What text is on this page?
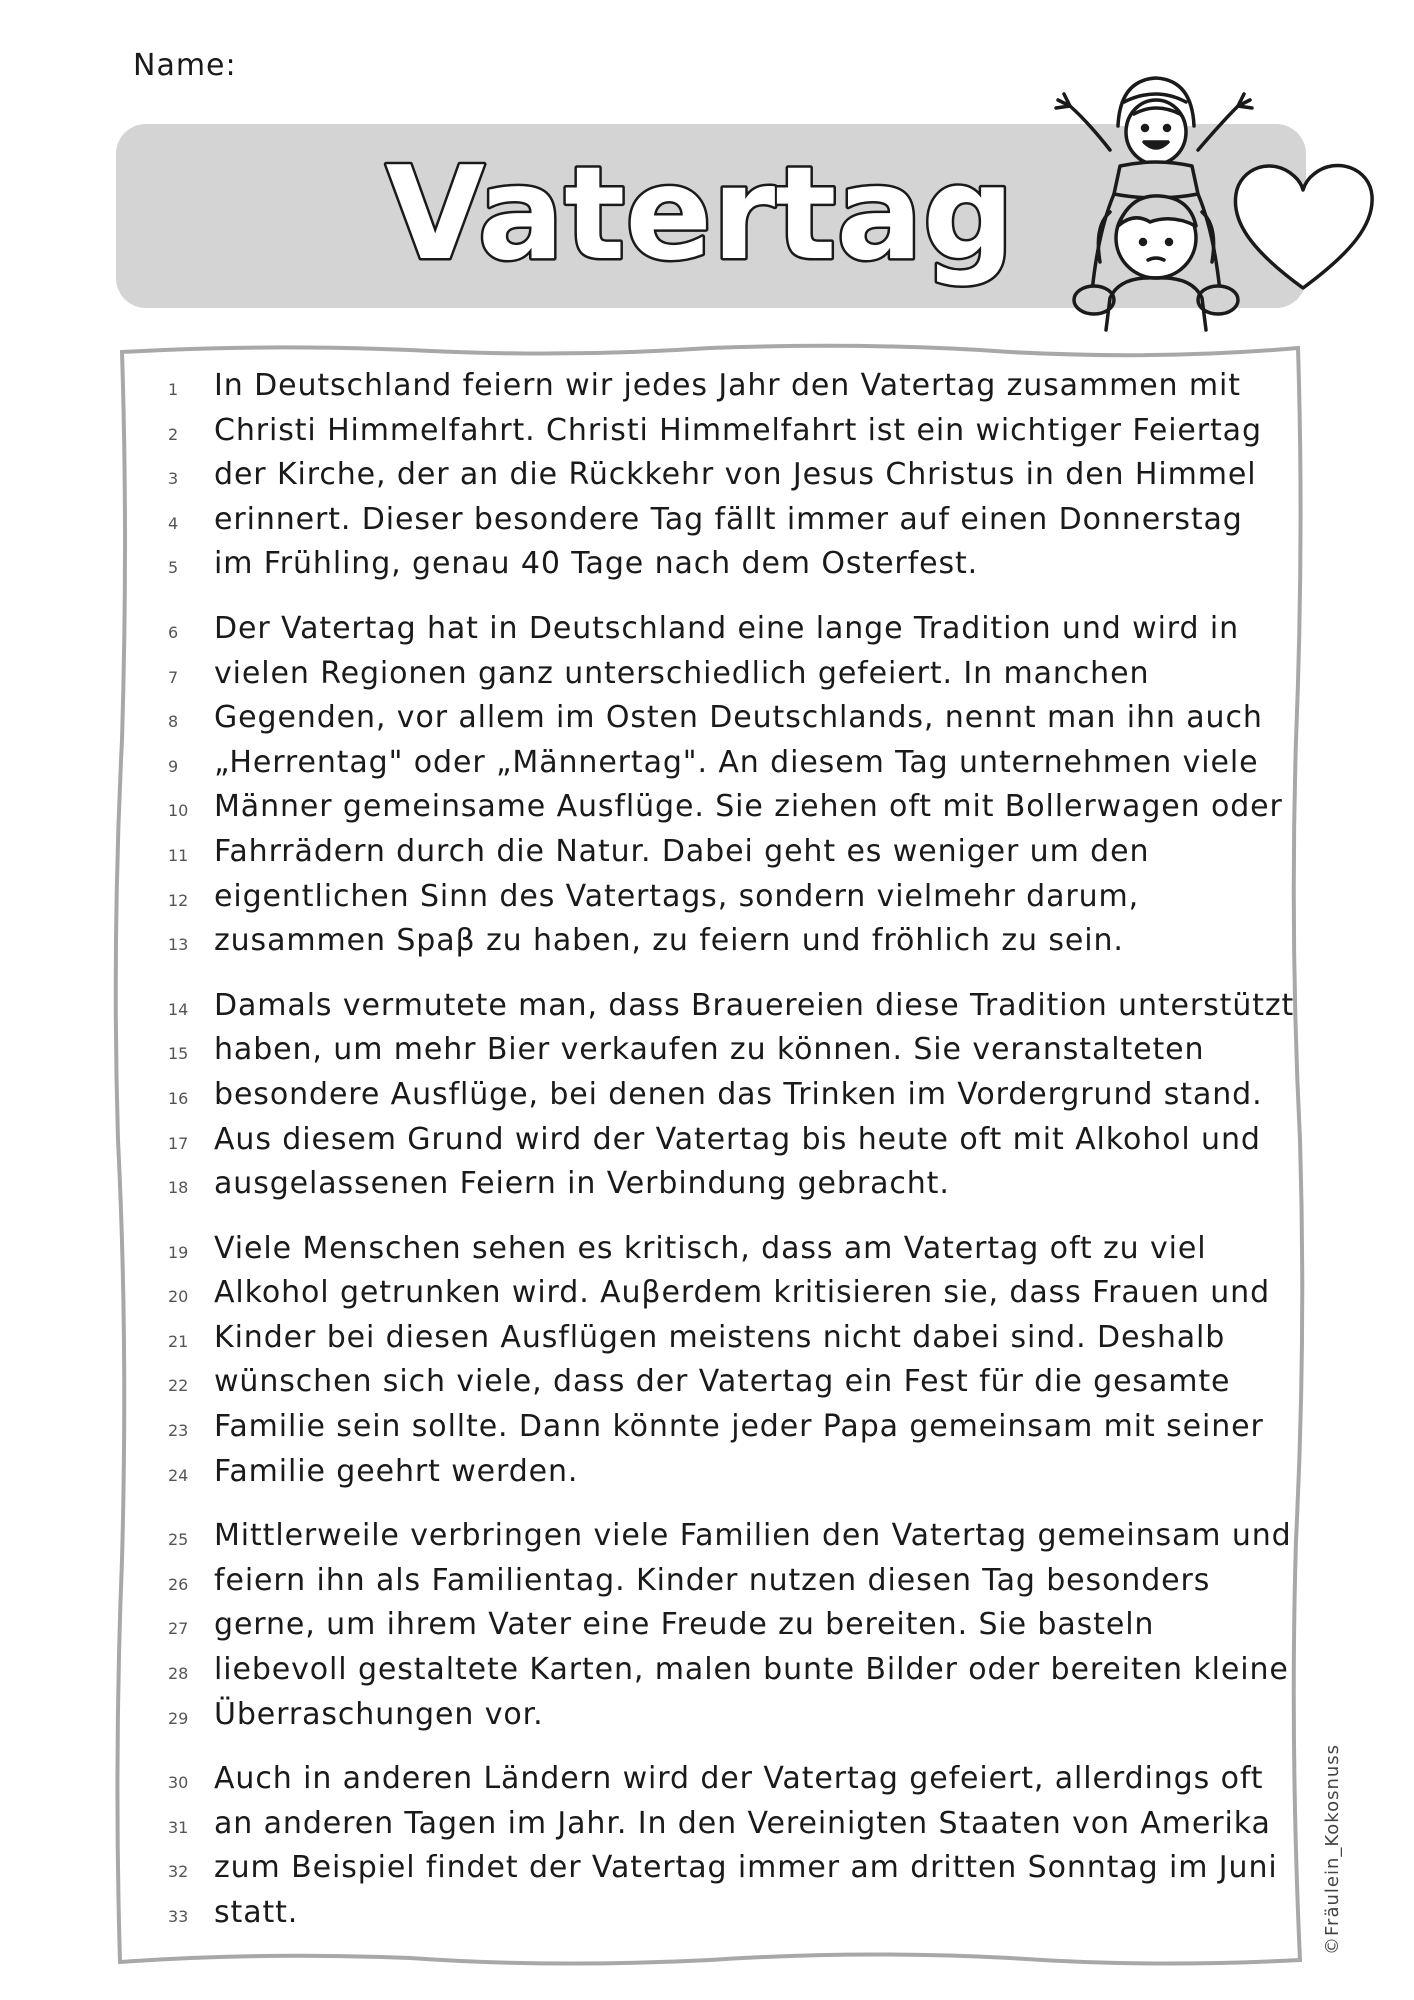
Name:
Vatertag
1	In Deutschland feiern wir jedes Jahr den Vatertag zusammen mit
2	Christi Himmelfahrt. Christi Himmelfahrt ist ein wichtiger Feiertag
3	der Kirche, der an die Rückkehr von Jesus Christus in den Himmel
4	erinnert. Dieser besondere Tag fällt immer auf einen Donnerstag
5	im Frühling, genau 40 Tage nach dem Osterfest.
6	Der Vatertag hat in Deutschland eine lange Tradition und wird in
7	vielen Regionen ganz unterschiedlich gefeiert. In manchen
8	Gegenden, vor allem im Osten Deutschlands, nennt man ihn auch
9	„Herrentag" oder „Männertag". An diesem Tag unternehmen viele
10 Männer gemeinsame Ausflüge. Sie ziehen oft mit Bollerwagen oder
11 Fahrrädern durch die Natur. Dabei geht es weniger um den
12 eigentlichen Sinn des Vatertags, sondern vielmehr darum,
13 zusammen Spaβ zu haben, zu feiern und fröhlich zu sein.
14 Damals vermutete man, dass Brauereien diese Tradition unterstützt
15 haben, um mehr Bier verkaufen zu können. Sie veranstalteten
16 besondere Ausflüge, bei denen das Trinken im Vordergrund stand.
17 Aus diesem Grund wird der Vatertag bis heute oft mit Alkohol und
18 ausgelassenen Feiern in Verbindung gebracht.
19 Viele Menschen sehen es kritisch, dass am Vatertag oft zu viel
20 Alkohol getrunken wird. Auβerdem kritisieren sie, dass Frauen und
21 Kinder bei diesen Ausflügen meistens nicht dabei sind. Deshalb
22 wünschen sich viele, dass der Vatertag ein Fest für die gesamte
23 Familie sein sollte. Dann könnte jeder Papa gemeinsam mit seiner
24 Familie geehrt werden.
25 Mittlerweile verbringen viele Familien den Vatertag gemeinsam und
26 feiern ihn als Familientag. Kinder nutzen diesen Tag besonders
27 gerne, um ihrem Vater eine Freude zu bereiten. Sie basteln
28 liebevoll gestaltete Karten, malen bunte Bilder oder bereiten kleine
29 Überraschungen vor.
30 Auch in anderen Ländern wird der Vatertag gefeiert, allerdings oft
31 an anderen Tagen im Jahr. In den Vereinigten Staaten von Amerika
32 zum Beispiel findet der Vatertag immer am dritten Sonntag im Juni
33 statt.	©Fräulein_Kokosnuss
